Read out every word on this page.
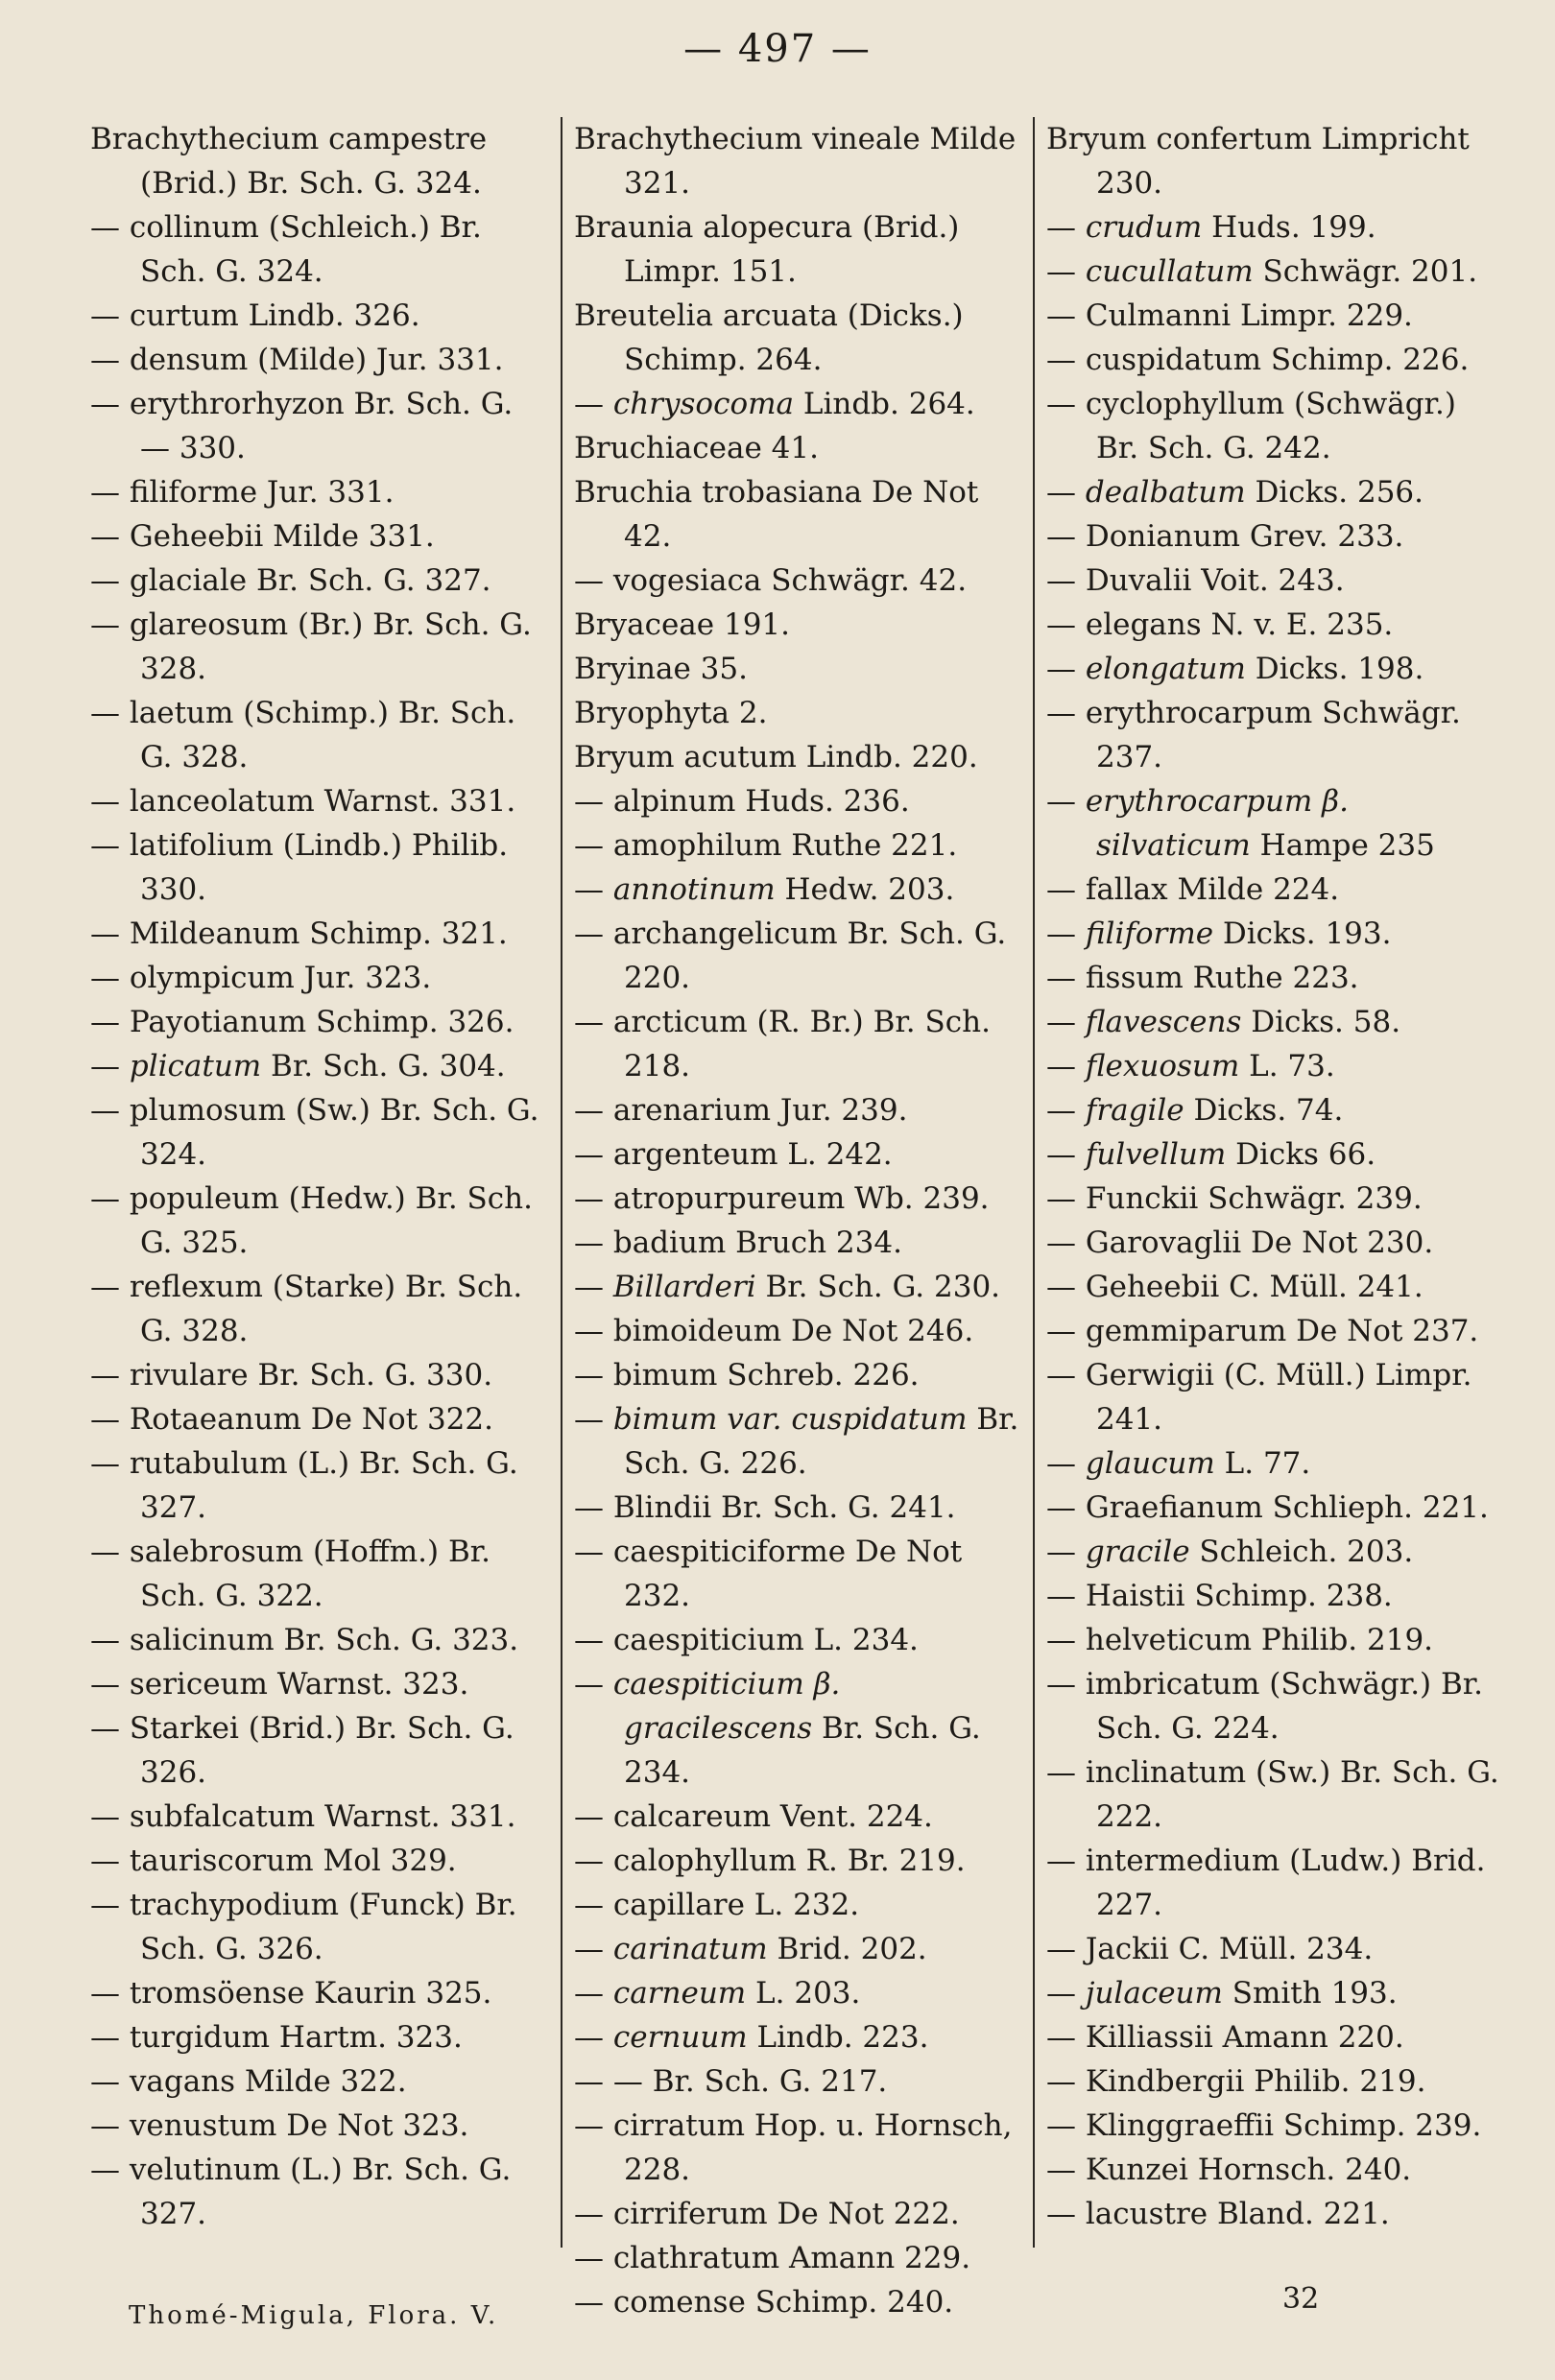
— 497 —
Brachythecium campestre (Brid.) Br. Sch. G. 324.
— collinum (Schleich.) Br. Sch. G. 324.
— curtum Lindb. 326.
— densum (Milde) Jur. 331.
— erythrorhyzon Br. Sch. G. — 330.
— filiforme Jur. 331.
— Geheebii Milde 331.
— glaciale Br. Sch. G. 327.
— glareosum (Br.) Br. Sch. G. 328.
— laetum (Schimp.) Br. Sch. G. 328.
— lanceolatum Warnst. 331.
— latifolium (Lindb.) Philib. 330.
— Mildeanum Schimp. 321.
— olympicum Jur. 323.
— Payotianum Schimp. 326.
— plicatum Br. Sch. G. 304.
— plumosum (Sw.) Br. Sch. G. 324.
— populeum (Hedw.) Br. Sch. G. 325.
— reflexum (Starke) Br. Sch. G. 328.
— rivulare Br. Sch. G. 330.
— Rotaeanum De Not 322.
— rutabulum (L.) Br. Sch. G. 327.
— salebrosum (Hoffm.) Br. Sch. G. 322.
— salicinum Br. Sch. G. 323.
— sericeum Warnst. 323.
— Starkei (Brid.) Br. Sch. G. 326.
— subfalcatum Warnst. 331.
— tauriscorum Mol 329.
— trachypodium (Funck) Br. Sch. G. 326.
— tromsöense Kaurin 325.
— turgidum Hartm. 323.
— vagans Milde 322.
— venustum De Not 323.
— velutinum (L.) Br. Sch. G. 327.
Brachythecium vineale Milde 321.
Braunia alopecura (Brid.) Limpr. 151.
Breutelia arcuata (Dicks.) Schimp. 264.
— chrysocoma Lindb. 264.
Bruchiaceae 41.
Bruchia trobasiana De Not 42.
— vogesiaca Schwägr. 42.
Bryaceae 191.
Bryinae 35.
Bryophyta 2.
Bryum acutum Lindb. 220.
— alpinum Huds. 236.
— amophilum Ruthe 221.
— annotinum Hedw. 203.
— archangelicum Br. Sch. G. 220.
— arcticum (R. Br.) Br. Sch. 218.
— arenarium Jur. 239.
— argenteum L. 242.
— atropurpureum Wb. 239.
— badium Bruch 234.
— Billarderi Br. Sch. G. 230.
— bimoideum De Not 246.
— bimum Schreb. 226.
— bimum var. cuspidatum Br. Sch. G. 226.
— Blindii Br. Sch. G. 241.
— caespiticiforme De Not 232.
— caespiticium L. 234.
— caespiticium β. gracilescens Br. Sch. G. 234.
— calcareum Vent. 224.
— calophyllum R. Br. 219.
— capillare L. 232.
— carinatum Brid. 202.
— carneum L. 203.
— cernuum Lindb. 223.
— — Br. Sch. G. 217.
— cirratum Hop. u. Hornsch, 228.
— cirriferum De Not 222.
— clathratum Amann 229.
— comense Schimp. 240.
Bryum confertum Limpricht 230.
— crudum Huds. 199.
— cucullatum Schwägr. 201.
— Culmanni Limpr. 229.
— cuspidatum Schimp. 226.
— cyclophyllum (Schwägr.) Br. Sch. G. 242.
— dealbatum Dicks. 256.
— Donianum Grev. 233.
— Duvalii Voit. 243.
— elegans N. v. E. 235.
— elongatum Dicks. 198.
— erythrocarpum Schwägr. 237.
— erythrocarpum β. silvaticum Hampe 235
— fallax Milde 224.
— filiforme Dicks. 193.
— fissum Ruthe 223.
— flavescens Dicks. 58.
— flexuosum L. 73.
— fragile Dicks. 74.
— fulvellum Dicks 66.
— Funckii Schwägr. 239.
— Garovaglii De Not 230.
— Geheebii C. Müll. 241.
— gemmiparum De Not 237.
— Gerwigii (C. Müll.) Limpr. 241.
— glaucum L. 77.
— Graefianum Schlieph. 221.
— gracile Schleich. 203.
— Haistii Schimp. 238.
— helveticum Philib. 219.
— imbricatum (Schwägr.) Br. Sch. G. 224.
— inclinatum (Sw.) Br. Sch. G. 222.
— intermedium (Ludw.) Brid. 227.
— Jackii C. Müll. 234.
— julaceum Smith 193.
— Killiassii Amann 220.
— Kindbergii Philib. 219.
— Klinggraeffii Schimp. 239.
— Kunzei Hornsch. 240.
— lacustre Bland. 221.
Thomé-Migula, Flora. V.	32
